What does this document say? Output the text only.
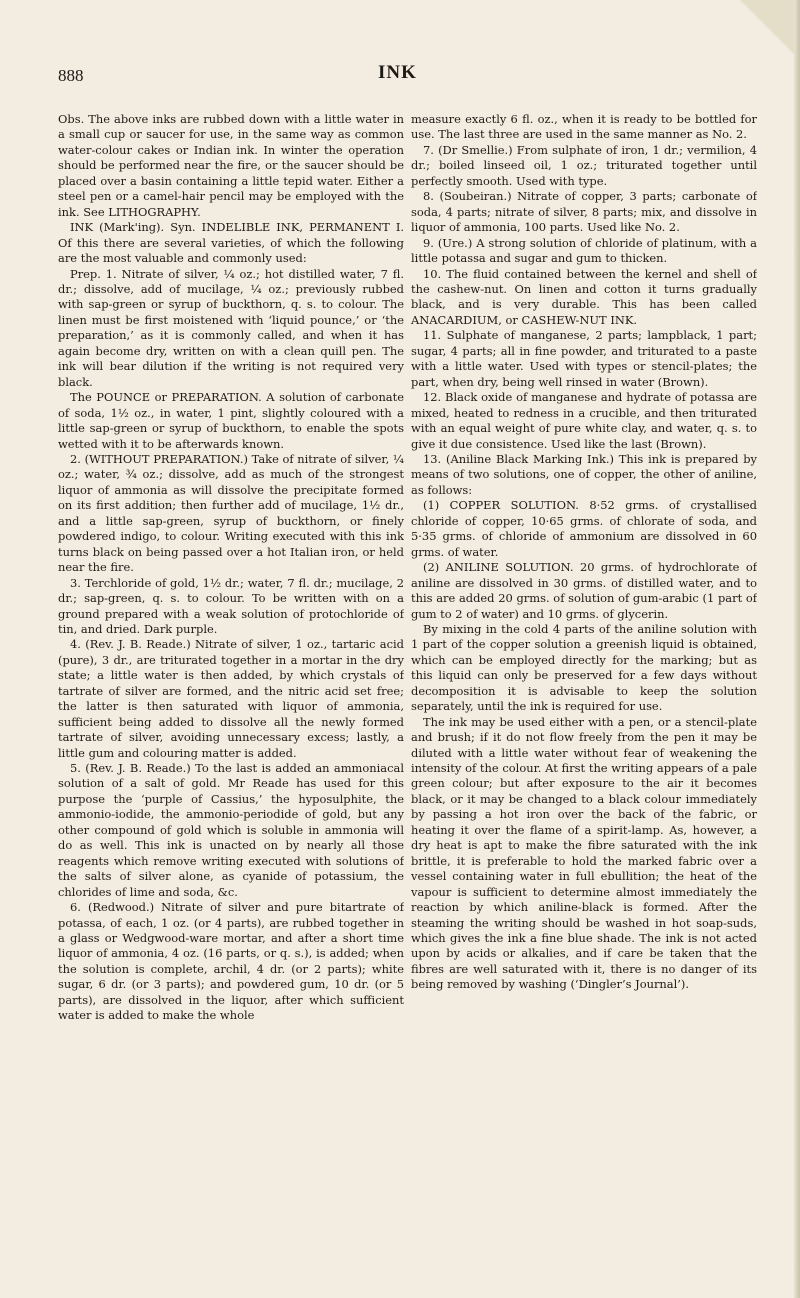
888	INK

Obs. The above inks are rubbed down with a little water in a small cup or saucer for use, in the same way as common water-colour cakes or Indian ink. In winter the operation should be performed near the fire, or the saucer should be placed over a basin containing a little tepid water. Either a steel pen or a camel-hair pencil may be employed with the ink. See LITHOGRAPHY.

INK (Mark'ing). Syn. INDELIBLE INK, PERMANENT I. Of this there are several varieties, of which the following are the most valuable and commonly used:

Prep. 1. Nitrate of silver, ¼ oz.; hot distilled water, 7 fl. dr.; dissolve, add of mucilage, ¼ oz.; previously rubbed with sap-green or syrup of buckthorn, q. s. to colour. The linen must be first moistened with ‘liquid pounce,’ or ‘the preparation,’ as it is commonly called, and when it has again become dry, written on with a clean quill pen. The ink will bear dilution if the writing is not required very black.

The POUNCE or PREPARATION. A solution of carbonate of soda, 1½ oz., in water, 1 pint, slightly coloured with a little sap-green or syrup of buckthorn, to enable the spots wetted with it to be afterwards known.

2. (WITHOUT PREPARATION.) Take of nitrate of silver, ¼ oz.; water, ¾ oz.; dissolve, add as much of the strongest liquor of ammonia as will dissolve the precipitate formed on its first addition; then further add of mucilage, 1½ dr., and a little sap-green, syrup of buckthorn, or finely powdered indigo, to colour. Writing executed with this ink turns black on being passed over a hot Italian iron, or held near the fire.

3. Terchloride of gold, 1½ dr.; water, 7 fl. dr.; mucilage, 2 dr.; sap-green, q. s. to colour. To be written with on a ground prepared with a weak solution of protochloride of tin, and dried. Dark purple.

4. (Rev. J. B. Reade.) Nitrate of silver, 1 oz., tartaric acid (pure), 3 dr., are triturated together in a mortar in the dry state; a little water is then added, by which crystals of tartrate of silver are formed, and the nitric acid set free; the latter is then saturated with liquor of ammonia, sufficient being added to dissolve all the newly formed tartrate of silver, avoiding unnecessary excess; lastly, a little gum and colouring matter is added.

5. (Rev. J. B. Reade.) To the last is added an ammoniacal solution of a salt of gold. Mr Reade has used for this purpose the ‘purple of Cassius,’ the hyposulphite, the ammonio-iodide, the ammonio-periodide of gold, but any other compound of gold which is soluble in ammonia will do as well. This ink is unacted on by nearly all those reagents which remove writing executed with solutions of the salts of silver alone, as cyanide of potassium, the chlorides of lime and soda, &c.

6. (Redwood.) Nitrate of silver and pure bitartrate of potassa, of each, 1 oz. (or 4 parts), are rubbed together in a glass or Wedgwood-ware mortar, and after a short time liquor of ammonia, 4 oz. (16 parts, or q. s.), is added; when the solution is complete, archil, 4 dr. (or 2 parts); white sugar, 6 dr. (or 3 parts); and powdered gum, 10 dr. (or 5 parts), are dissolved in the liquor, after which sufficient water is added to make the whole

measure exactly 6 fl. oz., when it is ready to be bottled for use. The last three are used in the same manner as No. 2.

7. (Dr Smellie.) From sulphate of iron, 1 dr.; vermilion, 4 dr.; boiled linseed oil, 1 oz.; triturated together until perfectly smooth. Used with type.

8. (Soubeiran.) Nitrate of copper, 3 parts; carbonate of soda, 4 parts; nitrate of silver, 8 parts; mix, and dissolve in liquor of ammonia, 100 parts. Used like No. 2.

9. (Ure.) A strong solution of chloride of platinum, with a little potassa and sugar and gum to thicken.

10. The fluid contained between the kernel and shell of the cashew-nut. On linen and cotton it turns gradually black, and is very durable. This has been called ANACARDIUM, or CASHEW-NUT INK.

11. Sulphate of manganese, 2 parts; lampblack, 1 part; sugar, 4 parts; all in fine powder, and triturated to a paste with a little water. Used with types or stencil-plates; the part, when dry, being well rinsed in water (Brown).

12. Black oxide of manganese and hydrate of potassa are mixed, heated to redness in a crucible, and then triturated with an equal weight of pure white clay, and water, q. s. to give it due consistence. Used like the last (Brown).

13. (Aniline Black Marking Ink.) This ink is prepared by means of two solutions, one of copper, the other of aniline, as follows:

(1) COPPER SOLUTION. 8·52 grms. of crystallised chloride of copper, 10·65 grms. of chlorate of soda, and 5·35 grms. of chloride of ammonium are dissolved in 60 grms. of water.

(2) ANILINE SOLUTION. 20 grms. of hydrochlorate of aniline are dissolved in 30 grms. of distilled water, and to this are added 20 grms. of solution of gum-arabic (1 part of gum to 2 of water) and 10 grms. of glycerin.

By mixing in the cold 4 parts of the aniline solution with 1 part of the copper solution a greenish liquid is obtained, which can be employed directly for the marking; but as this liquid can only be preserved for a few days without decomposition it is advisable to keep the solution separately, until the ink is required for use.

The ink may be used either with a pen, or a stencil-plate and brush; if it do not flow freely from the pen it may be diluted with a little water without fear of weakening the intensity of the colour. At first the writing appears of a pale green colour; but after exposure to the air it becomes black, or it may be changed to a black colour immediately by passing a hot iron over the back of the fabric, or heating it over the flame of a spirit-lamp. As, however, a dry heat is apt to make the fibre saturated with the ink brittle, it is preferable to hold the marked fabric over a vessel containing water in full ebullition; the heat of the vapour is sufficient to determine almost immediately the reaction by which aniline-black is formed. After the steaming the writing should be washed in hot soap-suds, which gives the ink a fine blue shade. The ink is not acted upon by acids or alkalies, and if care be taken that the fibres are well saturated with it, there is no danger of its being removed by washing (‘Dingler’s Journal’).
